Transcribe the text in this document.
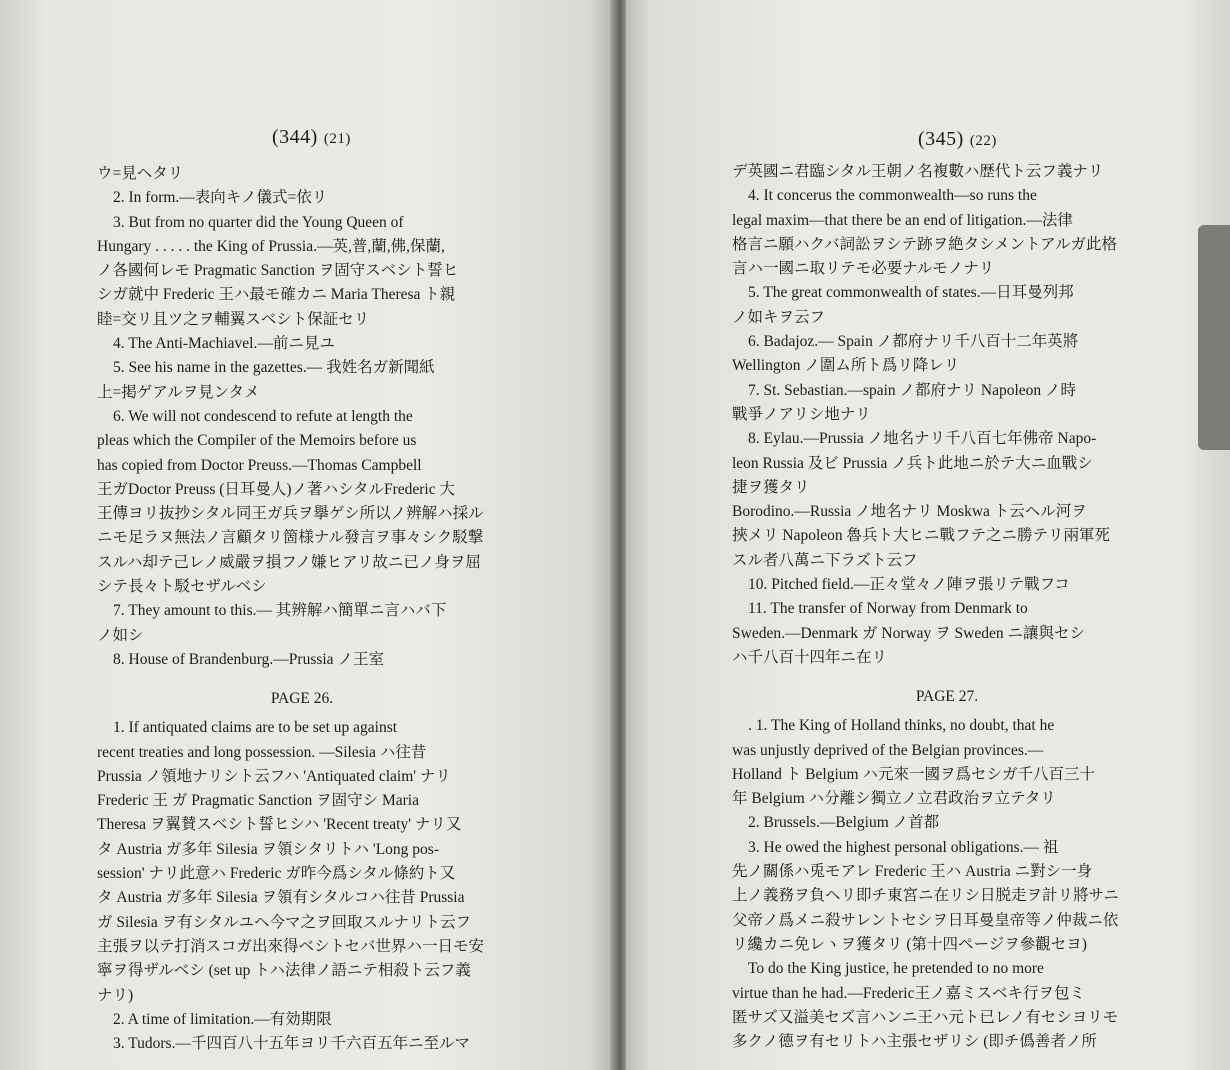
(344) (21)
ウ=見ヘタリ
2. In form.—表向キノ儀式=依リ
3. But from no quarter did the Young Queen of
Hungary . . . . . the King of Prussia.—英,普,蘭,佛,保蘭,
ノ各國何レモ Pragmatic Sanction ヲ固守スベシト誓ヒ
シガ就中 Frederic 王ハ最モ確カニ Maria Theresa ト親
睦=交リ且ツ之ヲ輔翼スベシト保証セリ
4. The Anti-Machiavel.—前ニ見ユ
5. See his name in the gazettes.— 我姓名ガ新聞紙
上=掲ゲアルヲ見ンタメ
6. We will not condescend to refute at length the
pleas which the Compiler of the Memoirs before us
has copied from Doctor Preuss.—Thomas Campbell
王ガDoctor Preuss (日耳曼人)ノ著ハシタルFrederic 大
王傳ヨリ抜抄シタル同王ガ兵ヲ擧ゲシ所以ノ辨解ハ採ル
ニモ足ラヌ無法ノ言顧タリ箇様ナル發言ヲ事々シク駁撃
スルハ却テ己レノ威嚴ヲ損フノ嫌ヒアリ故ニ已ノ身ヲ屈
シテ長々ト駁セザルベシ
7. They amount to this.— 其辨解ハ簡單ニ言ハバ下
ノ如シ
8. House of Brandenburg.—Prussia ノ王室
PAGE 26.
1. If antiquated claims are to be set up against
recent treaties and long possession. —Silesia ハ往昔
Prussia ノ領地ナリシト云フハ 'Antiquated claim' ナリ
Frederic 王 ガ Pragmatic Sanction ヲ固守シ Maria
Theresa ヲ翼賛スベシト誓ヒシハ 'Recent treaty' ナリ又
タ Austria ガ多年 Silesia ヲ領シタリトハ 'Long pos-
session' ナリ此意ハ Frederic ガ昨今爲シタル條約ト又
タ Austria ガ多年 Silesia ヲ領有シタルコハ往昔 Prussia
ガ Silesia ヲ有シタルユヘ今マ之ヲ回取スルナリト云フ
主張ヲ以テ打消スコガ出來得ベシトセバ世界ハ一日モ安
寧ヲ得ザルベシ (set up トハ法律ノ語ニテ相殺ト云フ義
ナリ)
2. A time of limitation.—有効期限
3. Tudors.—千四百八十五年ヨリ千六百五年ニ至ルマ
(345) (22)
デ英國ニ君臨シタル王朝ノ名複數ハ歴代ト云フ義ナリ
4. It concerus the commonwealth—so runs the
legal maxim—that there be an end of litigation.—法律
格言ニ願ハクバ詞訟ヲシテ跡ヲ絶タシメントアルガ此格
言ハ一國ニ取リテモ必要ナルモノナリ
5. The great commonwealth of states.—日耳曼列邦
ノ如キヲ云フ
6. Badajoz.— Spain ノ都府ナリ千八百十二年英將
Wellington ノ圍ム所ト爲リ降レリ
7. St. Sebastian.—spain ノ都府ナリ Napoleon ノ時
戰爭ノアリシ地ナリ
8. Eylau.—Prussia ノ地名ナリ千八百七年佛帝 Napo-
leon Russia 及ビ Prussia ノ兵ト此地ニ於テ大ニ血戰シ
捷ヲ獲タリ
Borodino.—Russia ノ地名ナリ Moskwa ト云ヘル河ヲ
挾メリ Napoleon 魯兵ト大ヒニ戰フテ之ニ勝テリ兩軍死
スル者八萬ニ下ラズト云フ
10. Pitched field.—正々堂々ノ陣ヲ張リテ戰フコ
11. The transfer of Norway from Denmark to
Sweden.—Denmark ガ Norway ヲ Sweden ニ讓與セシ
ハ千八百十四年ニ在リ
PAGE 27.
. 1. The King of Holland thinks, no doubt, that he
was unjustly deprived of the Belgian provinces.—
Holland ト Belgium ハ元來一國ヲ爲セシガ千八百三十
年 Belgium ハ分離シ獨立ノ立君政治ヲ立テタリ
2. Brussels.—Belgium ノ首都
3. He owed the highest personal obligations.— 祖
先ノ關係ハ兎モアレ Frederic 王ハ Austria ニ對シ一身
上ノ義務ヲ負ヘリ即チ東宮ニ在リシ日脱走ヲ計リ將サニ
父帝ノ爲メニ殺サレントセシヲ日耳曼皇帝等ノ仲裁ニ依
リ纔カニ免レヽヲ獲タリ (第十四ページヲ參觀セヨ)
To do the King justice, he pretended to no more
virtue than he had.—Frederic王ノ嘉ミスベキ行ヲ包ミ
匿サズ又溢美セズ言ハンニ王ハ元ト已レノ有セシヨリモ
多クノ德ヲ有セリトハ主張セザリシ (即チ僞善者ノ所
